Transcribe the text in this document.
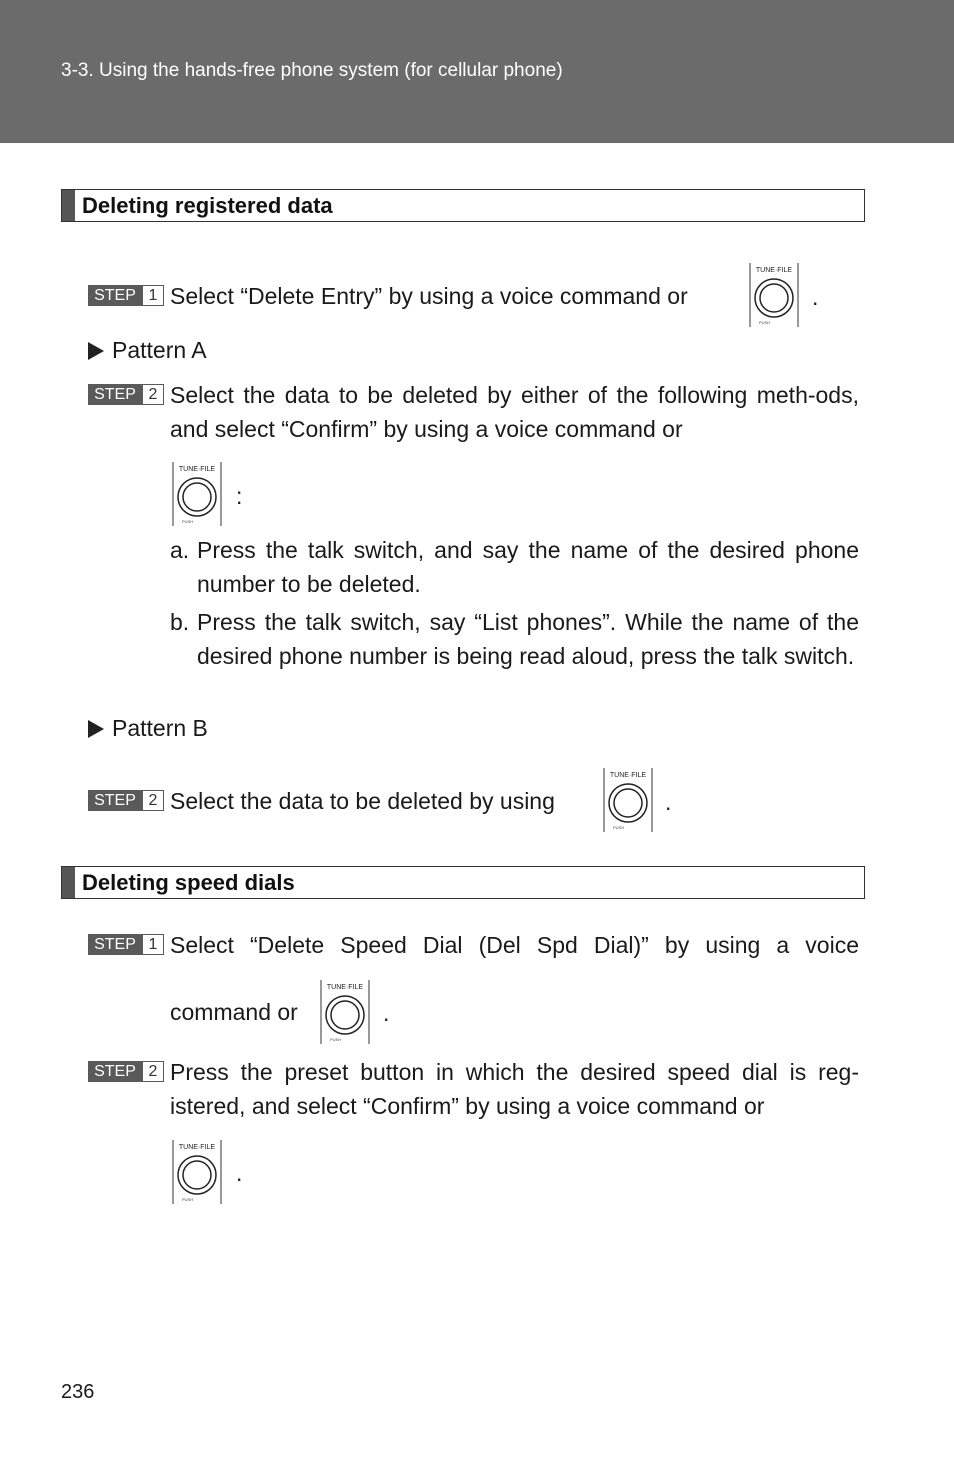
3-3. Using the hands-free phone system (for cellular phone)
Deleting registered data
STEP 1 Select “Delete Entry” by using a voice command or
TUNE·FILE
PUSH
.
Pattern A
STEP 2 Select the data to be deleted by either of the following meth-ods, and select “Confirm” by using a voice command or
TUNE·FILE
PUSH
:
a. Press the talk switch, and say the name of the desired phone number to be deleted.
b. Press the talk switch, say “List phones”. While the name of the desired phone number is being read aloud, press the talk switch.
Pattern B
STEP 2 Select the data to be deleted by using
TUNE·FILE
PUSH
.
Deleting speed dials
STEP 1 Select “Delete Speed Dial (Del Spd Dial)” by using a voice
command or
TUNE·FILE
PUSH
.
STEP 2 Press the preset button in which the desired speed dial is reg-istered, and select “Confirm” by using a voice command or
TUNE·FILE
PUSH
.
236
